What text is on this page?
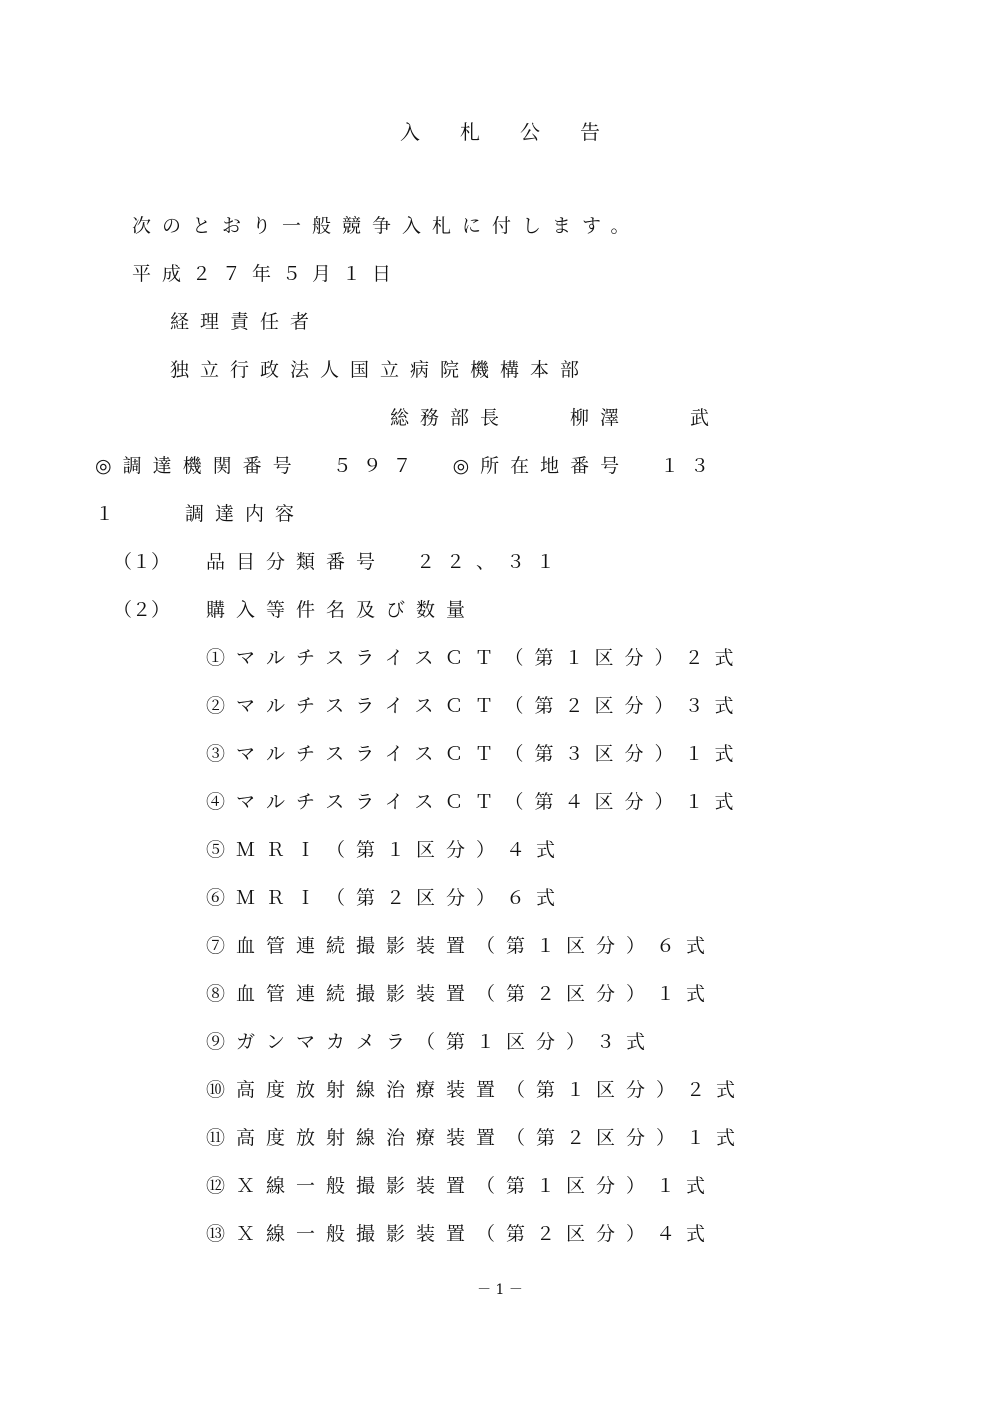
入　　札　　公　　告

次のとおり一般競争入札に付します。

平成２７年５月１日

経理責任者

独立行政法人国立病院機構本部

総務部長　　柳澤　　武

◎調達機関番号　５９７　◎所在地番号　１３

１　　調達内容

（１） 品目分類番号　２２、３１

（２） 購入等件名及び数量

①マルチスライスＣＴ（第１区分）２式

②マルチスライスＣＴ（第２区分）３式

③マルチスライスＣＴ（第３区分）１式

④マルチスライスＣＴ（第４区分）１式

⑤ＭＲＩ（第１区分）４式

⑥ＭＲＩ（第２区分）６式

⑦血管連続撮影装置（第１区分）６式

⑧血管連続撮影装置（第２区分）１式

⑨ガンマカメラ（第１区分）３式

⑩高度放射線治療装置（第１区分）２式

⑪高度放射線治療装置（第２区分）１式

⑫Ｘ線一般撮影装置（第１区分）１式

⑬Ｘ線一般撮影装置（第２区分）４式

－ 1 －
